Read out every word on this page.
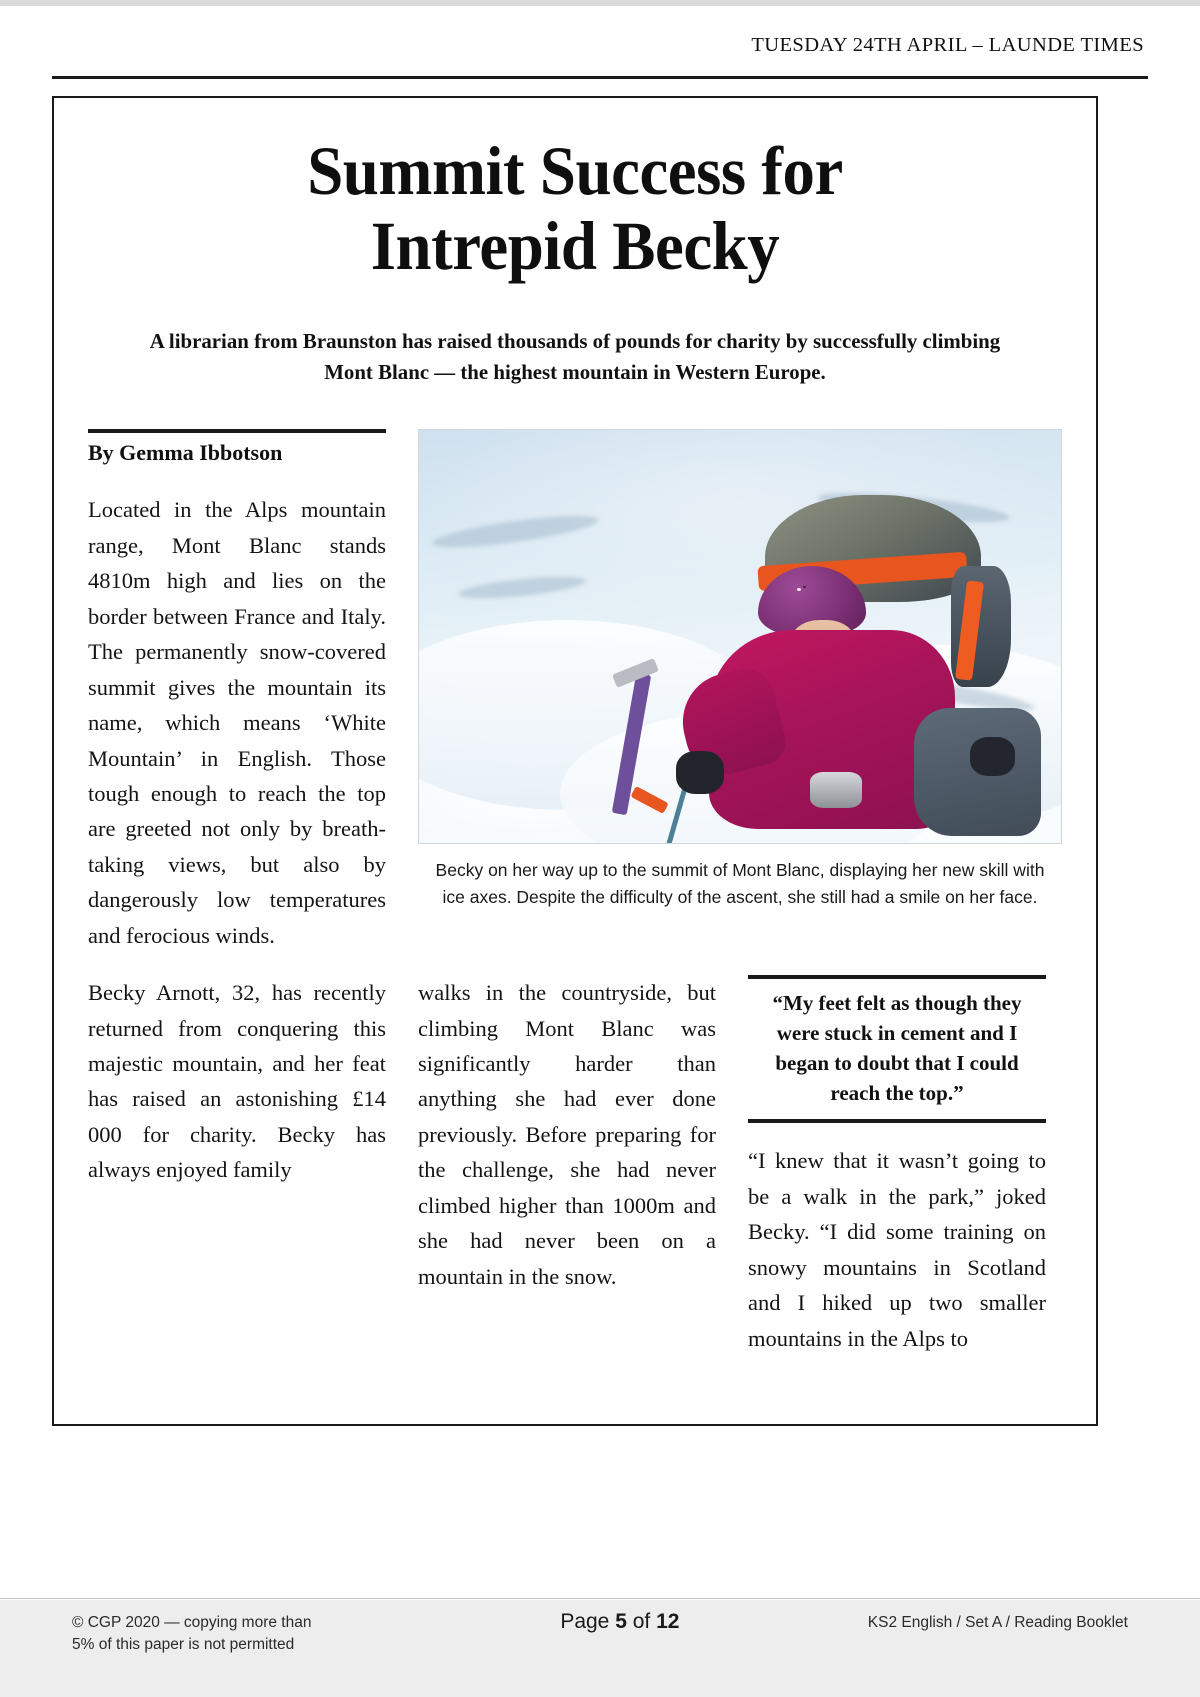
TUESDAY 24TH APRIL – LAUNDE TIMES
Summit Success for
Intrepid Becky

A librarian from Braunston has raised thousands of pounds for charity by successfully climbing Mont Blanc — the highest mountain in Western Europe.

By Gemma Ibbotson

Located in the Alps mountain range, Mont Blanc stands 4810m high and lies on the border between France and Italy. The permanently snow-covered summit gives the mountain its name, which means ‘White Mountain’ in English. Those tough enough to reach the top are greeted not only by breath-taking views, but also by dangerously low temperatures and ferocious winds.

Becky on her way up to the summit of Mont Blanc, displaying her new skill with ice axes. Despite the difficulty of the ascent, she still had a smile on her face.

Becky Arnott, 32, has recently returned from conquering this majestic mountain, and her feat has raised an astonishing £14 000 for charity. Becky has always enjoyed family

walks in the countryside, but climbing Mont Blanc was significantly harder than anything she had ever done previously. Before preparing for the challenge, she had never climbed higher than 1000m and she had never been on a mountain in the snow.

“My feet felt as though they were stuck in cement and I began to doubt that I could reach the top.”

“I knew that it wasn’t going to be a walk in the park,” joked Becky. “I did some training on snowy mountains in Scotland and I hiked up two smaller mountains in the Alps to

© CGP 2020 — copying more than
5% of this paper is not permitted
Page 5 of 12	KS2 English / Set A / Reading Booklet
